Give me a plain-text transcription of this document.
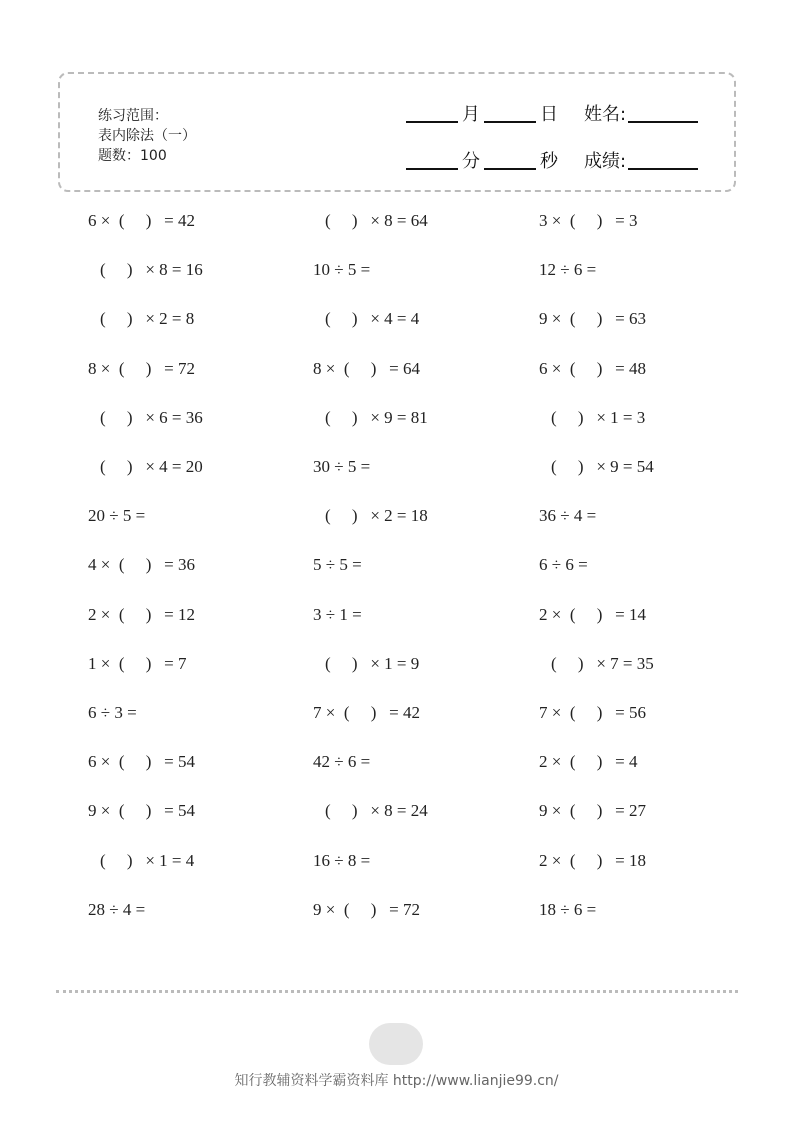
练习范围：
表内除法（一）
题数：100
月	日 姓名:
分	秒 成绩:
6 ×  (     )   = 42
(     )   × 8 = 16
(     )   × 2 = 8
8 ×  (     )   = 72
(     )   × 6 = 36
(     )   × 4 = 20
20 ÷ 5 =
4 ×  (     )   = 36
2 ×  (     )   = 12
1 ×  (     )   = 7
6 ÷ 3 =
6 ×  (     )   = 54
9 ×  (     )   = 54
(     )   × 1 = 4
28 ÷ 4 =
(     )   × 8 = 64
10 ÷ 5 =
(     )   × 4 = 4
8 ×  (     )   = 64
(     )   × 9 = 81
30 ÷ 5 =
(     )   × 2 = 18
5 ÷ 5 =
3 ÷ 1 =
(     )   × 1 = 9
7 ×  (     )   = 42
42 ÷ 6 =
(     )   × 8 = 24
16 ÷ 8 =
9 ×  (     )   = 72
3 ×  (     )   = 3
12 ÷ 6 =
9 ×  (     )   = 63
6 ×  (     )   = 48
(     )   × 1 = 3
(     )   × 9 = 54
36 ÷ 4 =
6 ÷ 6 =
2 ×  (     )   = 14
(     )   × 7 = 35
7 ×  (     )   = 56
2 ×  (     )   = 4
9 ×  (     )   = 27
2 ×  (     )   = 18
18 ÷ 6 =
知行教辅资料学霸资料库 http://www.lianjie99.cn/
